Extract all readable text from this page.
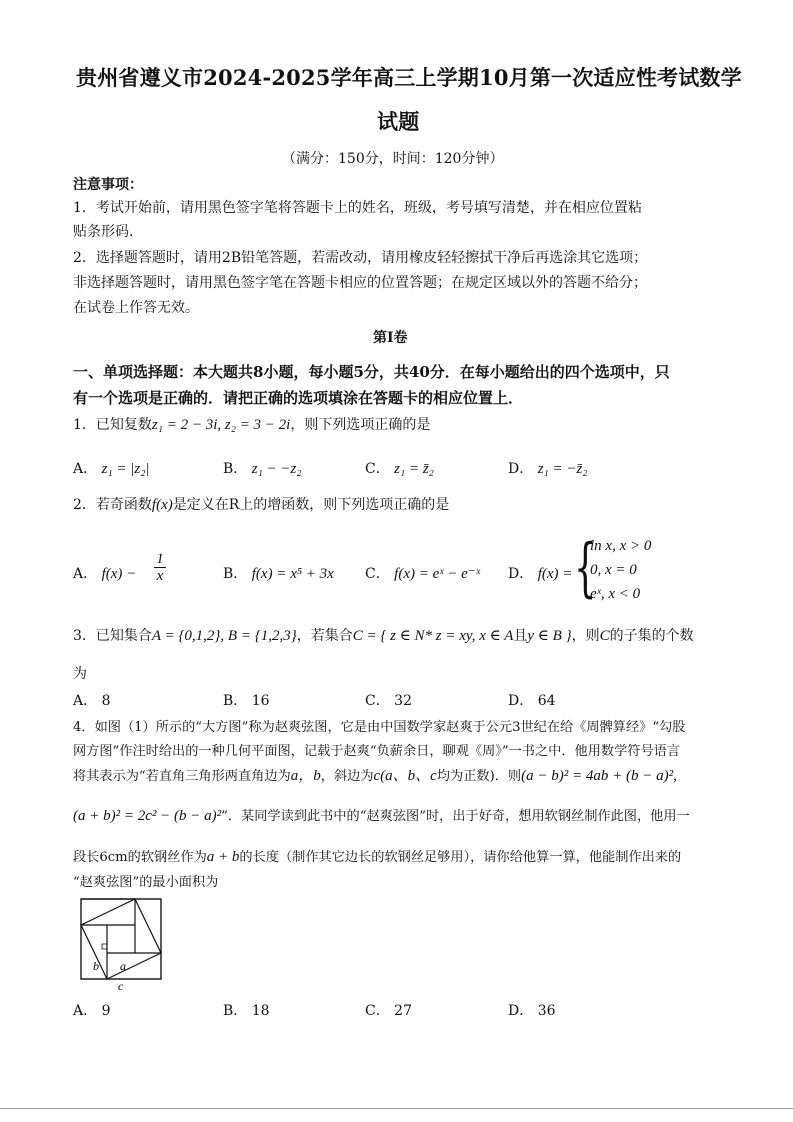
贵州省遵义市2024-2025学年高三上学期10月第一次适应性考试数学
试题
（满分：150分，时间：120分钟）
注意事项：
1．考试开始前，请用黑色签字笔将答题卡上的姓名，班级，考号填写清楚，并在相应位置粘
贴条形码．
2．选择题答题时，请用2B铅笔答题，若需改动，请用橡皮轻轻擦拭干净后再选涂其它选项；
非选择题答题时，请用黑色签字笔在答题卡相应的位置答题；在规定区域以外的答题不给分；
在试卷上作答无效。
第Ⅰ卷
一、单项选择题：本大题共8小题，每小题5分，共40分．在每小题给出的四个选项中，只
有一个选项是正确的．请把正确的选项填涂在答题卡的相应位置上．
1．已知复数z₁ = 2 − 3i, z₂ = 3 − 2i，则下列选项正确的是
A． z₁ = |z₂|	B． z₁ − −z₂	C． z₁ = z̄₂	D． z₁ = −z̄₂
2．若奇函数f(x)是定义在R上的增函数，则下列选项正确的是
A． $f(x) - \frac{1}{x}$	B． f(x) = x⁵ + 3x C． f(x) = eˣ − e⁻ˣ D． f(x) = {
ln x, x > 0
0, x = 0
eˣ, x < 0
3．已知集合A = {0,1,2}, B = {1,2,3}，若集合C = { z ∈ N* z = xy, x ∈ A且y ∈ B }，则C的子集的个数
为
A． 8	B． 16	C． 32	D． 64
4．如图（1）所示的“大方图”称为赵爽弦图，它是由中国数学家赵爽于公元3世纪在给《周髀算经》“勾股
网方图”作注时给出的一种几何平面图，记载于赵爽“负薪余日，聊观《周》”一书之中．他用数学符号语言
将其表示为“若直角三角形两直角边为a，b，斜边为c(a、b、c均为正数)．则(a − b)² = 4ab + (b − a)²,
(a + b)² = 2c² − (b − a)²”．某同学读到此书中的“赵爽弦图”时，出于好奇，想用软钢丝制作此图，他用一
段长6cm的软钢丝作为a + b的长度（制作其它边长的软钢丝足够用），请你给他算一算，他能制作出来的
“赵爽弦图”的最小面积为
b a
c
A． 9	B． 18	C． 27	D． 36
